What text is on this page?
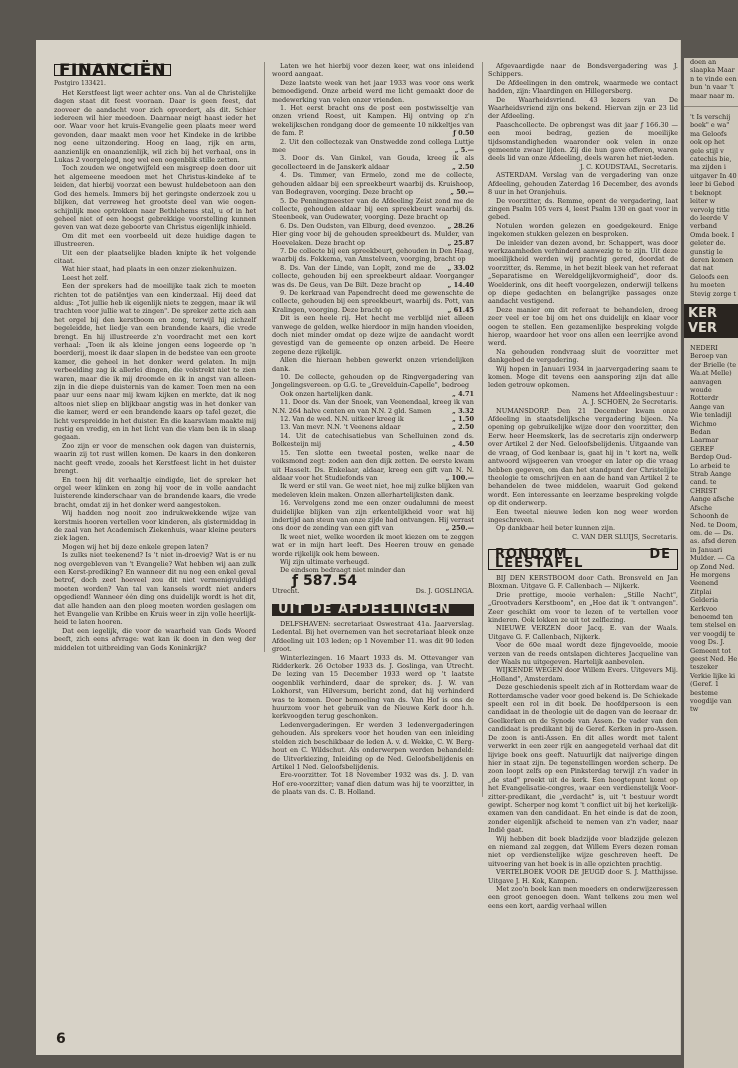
FINANCIËN
Postgiro 133421.

Het Kerstfeest ligt weer achter ons. Van al de Christelijke dagen staat dit feest vooraan. Daar is geen feest, dat zooveer de aandacht voor zich opvordert, als dit. Schier iedereen wil hier meedoen. Daarnaar neigt haast ieder het oor. Waar voor het kruis-Evangelie geen plaats meer werd gevonden, daar maakt men voor het Kindeke in de kribbe nog eene uitzondering. Hoog en laag, rijk en arm, aanzienlijk en onaanzienlijk, wil zich bij het verhaal, ons in Lukas 2 voorgelegd, nog wel een oogenblik stille zetten.

Toch zouden we ongetwijfeld een misgreep doen door uit het algemeene meedoen met het Christus-kindeke af te leiden, dat hierbij voorzat een bewust huldebetoon aan den God des hemels. Immers bij het geringste onderzoek zou u blijken, dat verreweg het grootste deel van wie oogenschijnlijk mee optrokken naar Bethlehems stal, u of in het geheel niet of een hoogst gebrekkige voorstelling kunnen geven van wat deze geboorte van Christus eigenlijk inhield.

Om dit met een voorbeeld uit deze huidige dagen te illustreeren.

Uit een der plaatselijke bladen knipte ik het volgende citaat.

Wat hier staat, had plaats in een onzer ziekenhuizen.

Leest het zelf.

Een der sprekers had de moeilijke taak zich te moeten richten tot de patiëntjes van een kinderzaal. Hij deed dat aldus: „Tot jullie heb ik eigenlijk niets te zeggen, maar ik wil trachten voor jullie wat te zingen". De spreker zette zich aan het orgel bij den kerstboom en zong, terwijl hij zichzelf begeleidde, het liedje van een brandende kaars, die vrede brengt. En hij illustreerde z'n voordracht met een kort verhaal: „Toen ik als kleine jongen eens logeerde op 'n boerderij, moest ik daar slapen in de bedstee van een groote kamer, die geheel in het donker werd gelaten. In mijn verbeelding zag ik allerlei dingen, die volstrekt niet te zien waren, maar die ik mij droomde en ik in angst van alleen-zijn in die diepe duisternis van de kamer. Toen men na een paar uur eens naar mij kwam kijken en merkte, dat ik nog altoos niet sliep en blijkbaar angstig was in het donker van die kamer, werd er een brandende kaars op tafel gezet, die licht verspreidde in het duister. En die kaarsvlam maakte mij rustig en vredig, en in het licht van die vlam ben ik in slaap gegaan.

Zoo zijn er voor de menschen ook dagen van duisternis, waarin zij tot rust willen komen. De kaars in den donkeren nacht geeft vrede, zooals het Kerstfeest licht in het duister brengt.

En toen hij dit verhaaltje eindigde, liet de spreker het orgel weer klinken en zong hij voor de in volle aandacht luisterende kinderschaar van de brandende kaars, die vrede bracht, omdat zij in het donker werd aangestoken.

Wij hadden nog nooit zoo indrukwekkende wijze van kerstmis hooren vertellen voor kinderen, als gistermiddag in de zaal van het Academisch Ziekenhuis, waar kleine peuters ziek lagen.

Mogen wij het bij deze enkele grepen laten?

Is zulks niet teekenend? Is 't niet in-droevig? Wat is er nu nog overgebleven van 't Evangelie? Wat hebben wij aan zulk een Kerst-prediking? En wanneer dit nu nog een enkel geval betrof, doch zeet hoeveel zou dit niet vermenigvuldigd moeten worden? Van tal van kansels wordt niet anders opgediend! Wanneer één ding ons duidelijk wordt is het dit, dat alle handen aan den ploeg moeten worden geslagen om het Evangelie van Kribbe en Kruis weer in zijn volle heerlijkheid te laten hooren.

Dat een iegelijk, die voor de waarheid van Gods Woord beeft, zich eens afvrage: wat kan ik doen in den weg der middelen tot uitbreiding van Gods Koninkrijk?

Laten we het hierbij voor dezen keer, wat ons inleidend woord aangaat.

Deze laatste week van het jaar 1933 was voor ons werk bemoedigend. Onze arbeid werd me licht gemaakt door de medewerking van velen onzer vrienden.

1. Het eerst bracht ons de post een postwisseltje van onzen vriend Roest, uit Kampen. Hij ontving op z'n wekelijkschen rondgang door de gemeente 10 nikkeltjes van de fam. P.	ƒ 0.50

2. Uit den collectezak van Onstwedde zond collega Luttje mee	„ 5.—

3. Door ds. Van Ginkel, van Gouda, kreeg ik als gecollecteerd in de Janskerk aldaar	„ 2.50

4. Ds. Timmer, van Ermelo, zond me de collecte, gehouden aldaar bij een spreekbeurt waarbij ds. Kruishoop, van Bodegraven, voorging. Deze bracht op	„ 50.—

5. De Penningmeester van de Afdeeling Zeist zond me de collecte, gehouden aldaar bij een spreekbeurt waarbij ds. Steenbeek, van Oudewater, voorging. Deze bracht op
„ 28.26

6. Ds. Den Oudsten, van Elburg, deed evenzoo. Hier ging voor bij de gehouden spreekbeurt ds. Mulder, van Hoevelaken. Deze bracht op	„ 25.87

7. De collecte bij een spreekbeurt, gehouden in Den Haag, waarbij ds. Fokkema, van Amstelveen, voorging, bracht op
„ 33.02

8. Ds. Van der Linde, van Loplt, zond me de collecte, gehouden bij een spreekbeurt aldaar. Voorganger was ds. De Geus, van De Bilt. Deze bracht op	„ 14.40

9. De kerkraad van Papendrecht deed me gewenschte de collecte, gehouden bij een spreekbeurt, waarbij ds. Pott, van Kralingen, voorging. Deze bracht op	„ 61.45

Dit is een heele rij. Het hecht me verblijd niet alleen vanwege de gelden, welke hierdoor in mijn handen vloeiden, doch niet minder omdat op deze wijze de aandacht wordt gevestigd van de gemeente op onzen arbeid. De Heere zegene deze rijkelijk.

Allen die hieraan hebben gewerkt onzen vriendelijken dank.

10. De collecte, gehouden op de Ringvergadering van Jongelingsvereen. op G.G. te „Grevelduin-Capelle", bedroeg
„ 4.71

Ook onzen hartelijken dank.

11. Door ds. Van der Snoek, van Veenendaal, kreeg ik van N.N. 264 halve centen en van N.N. 2 gld. Samen	„ 3.32

12. Van de wed. N.N. uitkeer kreeg ik	„ 1.50

13. Van mevr. N.N. 't Veenens aldaar	„ 2.50

14. Uit de catechisatiebus van Schelluinen zond ds. Bolkesteijn mij	„ 4.50

15. Ten slotte een tweetal posten, welke naar de voiksmond zegt: zoden aan den dijk zetten. De eerste kwam uit Hasselt. Ds. Enkelaar, aldaar, kreeg een gift van N. N. aldaar voor het Studiefonds van	„ 100.—

Ik werd er stil van. Ge weet niet, hoe mij zulke blijken van medeleven klein maken. Onzen allerhartelijksten dank.

16. Vervolgens zond me een onzer oudalumni de meest duidelijke blijken van zijn erkentelijkheid voor wat hij indertijd aan steun van onze zijde had ontvangen. Hij verrast ons door de zending van een gift van	„ 250.—

Ik weet niet, welke woorden ik moet kiezen om te zeggen wat er in mijn hart leeft. Des Heeren trouw en genade worde rijkelijk ook hem beween.

Wij zijn ultimate verheugd.

De eindsom bedraagt niet minder dan

ƒ 587.54
Utrecht.	Ds. J. GOSLINGA.
UIT DE AFDEELINGEN

DELFSHAVEN: secretariaat Oswestraat 41a. Jaarverslag. Ledental. Bij het overnemen van het secretariaat bleek onze Afdeeling uit 103 leden; op 1 November 11. was dit 90 leden groot.

Winterlezingen. 16 Maart 1933 ds. M. Ottevanger van Ridderkerk. 26 October 1933 ds. J. Goslinga, van Utrecht. De lezing van 15 December 1933 werd op 't laatste oogenblik verhinderd, daar de spreker, ds. J. W. van Lokhorst, van Hilversum, bericht zond, dat hij verhinderd was te komen. Door bemoeling van ds. Van Hof is ons de huurzom voor het gebruik van de Nieuwe Kerk door h.h. kerkvoogden terug geschonken.

Ledenvergaderingen. Er werden 3 ledenvergaderingen gehouden. Als sprekers voor het houden van een inleiding stelden zich beschikbaar de leden A. v. d. Wekke, C. W. Berghout en C. Wildschut. Als onderwerpen werden behandeld: de Uitverkiezing, Inleiding op de Ned. Geloofsbelijdenis en Artikel 1 Ned. Geloofsbelijdenis.

Ere-voorzitter. Tot 18 November 1932 was ds. J. D. van Hof ere-voorzitter; vanaf dien datum was hij te voorzitter, in de plaats van ds. C. B. Holland.

Afgevaardigde naar de Bondsvergadering was J. Schippers.

De Afdeelingen in den omtrek, waarmede we contact hadden, zijn: Vlaardingen en Hillegersberg.

De Waarheidsvriend. 43 lezers van De Waarheidsvriend zijn ons bekend. Hiervan zijn er 23 lid der Afdeeling.

Paaschcollecte. De opbrengst was dit jaar ƒ 166.30 — een mooi bedrag, gezien de moeilijke tijdsomstandigheden waaronder ook velen in onze gemeente zwaar lijden. Zij die hun gave offeren, waren deels lid van onze Afdeeling, deels waren het niet-leden.

J. C. KOUDSTAAL, Secretaris.

ASTERDAM. Verslag van de vergadering van onze Afdeeling, gehouden Zaterdag 16 December, des avonds 8 uur in het Oranjehuis.

De voorzitter, ds. Remme, opent de vergadering, laat zingen Psalm 105 vers 4, leest Psalm 130 en gaat voor in gebed.

Notulen worden gelezen en goedgekeurd. Enige ingekomen stukken gelezen en besproken.

De inleider van dezen avond, br. Schappert, was door werkzaamheden verhinderd aanwezig te te zijn. Uit deze moeilijkheid werden wij prachtig gered, doordat de voorzitter, ds. Remme, in het bezit bleek van het referaat „Separatisme en Wereldgelijkvormigheid", door ds. Woelderink, ons dit heeft voorgelezen, onderwijl telkens op diepe gedachten en belangrijke passages onze aandacht vestigend.

Deze manier om dit referaat te behandelen, droeg zeer veel er toe bij om het ons duidelijk en klaar voor oogen te stellen. Een gezamenlijke bespreking volgde hierop, waardoor het voor ons allen een leerrijke avond werd.

Na gehouden rondvraag sluit de voorzitter met dankgebed de vergadering.

Wij hopen in Januari 1934 in jaarvergadering saam te komen. Moge dit tevens een aansporing zijn dat alle leden getrouw opkomen.

Namens het Afdeelingsbestuur :
A. J. SCHOEN, 2e Secretaris.

NUMANSDORP. Den 21 December kwam onze Afdeeling in staatsdelijksche vergadering bijeen. Na opening op gebruikelijke wijze door den voorzitter, den Eerw. heer Heemskerk, las de secretaris zijn onderwerp over Artikel 2 der Ned. Geloofsbelijdenis. Uitgaande van de vraag, of God kenbaar is, gaat hij in 't kort na, welk antwoord wijsgeeren van vroeger en later op die vraag hebben gegeven, om dan het standpunt der Christelijke theologie te omschrijven en aan de hand van Artikel 2 te behandelen de twee middelen, waaruit God gekend wordt. Een interessante en leerzame bespreking volgde op dit onderwerp.

Een tweetal nieuwe leden kon nog weer worden ingeschreven.

Op dankbaar heil beter kunnen zijn.

C. VAN DER SLUIJS, Secretaris.
RONDOM DE LEESTAFEL

BIJ DEN KERSTBOOM door Cath. Bronsveld en Jan Bloxman. Uitgave G. F. Callenbach — Nijkerk.

Drie prettige, mooie verhalen: „Stille Nacht", „Grootvaders Kerstboom", en „Hoe dat ik 't ontvangen". Zeer geschikt om voor te lezen of te vertellen voor kinderen. Ook lokken ze uit tot zelflezing.

NIEUWE VERZEN door Jacq. E. van der Waals. Uitgave G. F. Callenbach, Nijkerk.

Voor de 60e maal wordt deze fijngevoelde, mooie verzen van de reeds ontslapen dichteres Jacqueline van der Waals nu uitgegeven. Hartelijk aanbevolen.

WIJKENDE WEGEN door Willem Evers. Uitgevers Mij. „Holland", Amsterdam.

Deze geschiedenis speelt zich af in Rotterdam waar de Rotterdamsche vader voor goed bekend is. De Schiekade speelt een rol in dit boek. De hoofdpersoon is een candidaat in de theologie uit de dagen van de leeraar dr. Geelkerken en de Synode van Assen. De vader van den candidaat is predikant bij de Geref. Kerken in pro-Assen. De zoon is anti-Assen. En dit alles wordt met talent verwerkt in een zeer rijk en aangegeteld verhaal dat dit lijvige boek ons geeft. Natuurlijk dat naijverige dingen hier in staat zijn. De tegenstellingen worden scherp. De zoon loopt zelfs op een Pinksterdag terwijl z'n vader in „de stad" preekt uit de kerk. Een hoogtepunt komt op het Evangelisatie-congres, waar een verdienstelijk Voorzitter-predikant, die „verdacht" is, uit 't bestuur wordt gewipt. Scherper nog komt 't conflict uit bij het kerkelijk-examen van den candidaat. En het einde is dat de zoon, zonder eigenlijk afscheid te nemen van z'n vader, naar Indië gaat.

Wij hebben dit boek bladzijde voor bladzijde gelezen en niemand zal zeggen, dat Willem Evers dezen roman niet op verdienstelijke wijze geschreven heeft. De uitvoering van het boek is in alle opzichten prachtig.

VERTELBOEK VOOR DE JEUGD door S. J. Matthijsse. Uitgave J. H. Kok, Kampen.

Met zoo'n boek kan men moeders en onderwijzeressen een groot genoegen doen. Want telkens zou men wel eens een kort, aardig verhaal willen

6
doen an slaapka Maar n te vinde een bun 'n vaar 't maar naar m.
't Is verschij boek" e wa" ma Geloofs ook op het gele stijl v catechis bie, ma zijden i uitgaver In 40 leer bi Gebod t beknopt leiter w vervolg title do leerde V verband Omda boek. I geleter de. gunstig le deren komen dat nat Geloofs een hu moeten Stevig zorge t
KER VER
NEDERI Beroep van der Brielle (te Wa.at Melle) aanvagen woude Rotterdr Aange van Wie tenladijl Wichmo Bedan Laarmar GEREF Berdep Oud-Lo arbeid te Strab Aange cand. te CHRIST Aange afsche Afsche Schoonh de Ned. te Doom, om. de — Ds. as. afsd deren in Januari Mulder. — Ca op Zond Ned. He morgens Veenend Zitplai Gelderia Kerkvoo benoemd ten tem stelsel en ver voogdij te voog Ds. J. Gemeent tot geest Ned. He teszeker Verkie lijke ki (Geref. 1 besteme voogdije van tw
